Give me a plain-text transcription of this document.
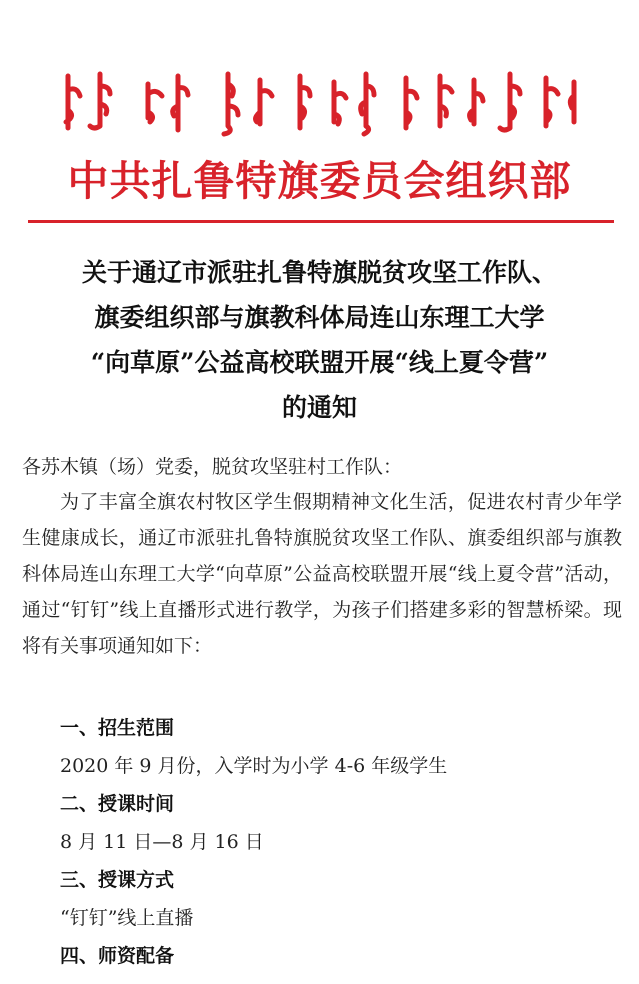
中共扎鲁特旗委员会组织部
关于通辽市派驻扎鲁特旗脱贫攻坚工作队、
旗委组织部与旗教科体局连山东理工大学
“向草原”公益高校联盟开展“线上夏令营”
的通知
各苏木镇（场）党委，脱贫攻坚驻村工作队：
为了丰富全旗农村牧区学生假期精神文化生活，促进农村青少年学生健康成长，通辽市派驻扎鲁特旗脱贫攻坚工作队、旗委组织部与旗教科体局连山东理工大学“向草原”公益高校联盟开展“线上夏令营”活动，通过“钉钉”线上直播形式进行教学，为孩子们搭建多彩的智慧桥梁。现将有关事项通知如下：
一、招生范围
2020 年 9 月份，入学时为小学 4-6 年级学生
二、授课时间
8 月 11 日—8 月 16 日
三、授课方式
“钉钉”线上直播
四、师资配备
